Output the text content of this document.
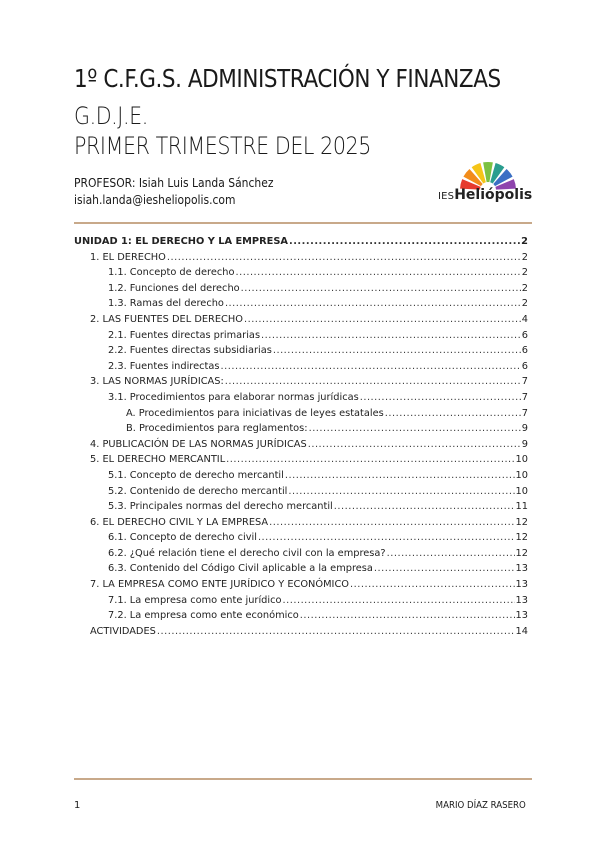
1º C.F.G.S. ADMINISTRACIÓN Y FINANZAS
G.D.J.E.
PRIMER TRIMESTRE DEL 2025
PROFESOR: Isiah Luis Landa Sánchez
isiah.landa@iesheliopolis.com	IESHeliópolis
UNIDAD 1: EL DERECHO Y LA EMPRESA .....	2
1. EL DERECHO .....	2
1.1. Concepto de derecho .....	2
1.2. Funciones del derecho .....	2
1.3. Ramas del derecho .....	2
2. LAS FUENTES DEL DERECHO .....	4
2.1. Fuentes directas primarias .....	6
2.2. Fuentes directas subsidiarias .....	6
2.3. Fuentes indirectas .....	6
3. LAS NORMAS JURÍDICAS: .....	7
3.1. Procedimientos para elaborar normas jurídicas .....	7
A. Procedimientos para iniciativas de leyes estatales .....	7
B. Procedimientos para reglamentos: .....	9
4. PUBLICACIÓN DE LAS NORMAS JURÍDICAS .....	9
5. EL DERECHO MERCANTIL .....	10
5.1. Concepto de derecho mercantil .....	10
5.2. Contenido de derecho mercantil .....	10
5.3. Principales normas del derecho mercantil .....	11
6. EL DERECHO CIVIL Y LA EMPRESA .....	12
6.1. Concepto de derecho civil .....	12
6.2. ¿Qué relación tiene el derecho civil con la empresa? .....	12
6.3. Contenido del Código Civil aplicable a la empresa .....	13
7. LA EMPRESA COMO ENTE JURÍDICO Y ECONÓMICO .....	13
7.1. La empresa como ente jurídico .....	13
7.2. La empresa como ente económico .....	13
ACTIVIDADES .....	14
1	MARIO DÍAZ RASERO
